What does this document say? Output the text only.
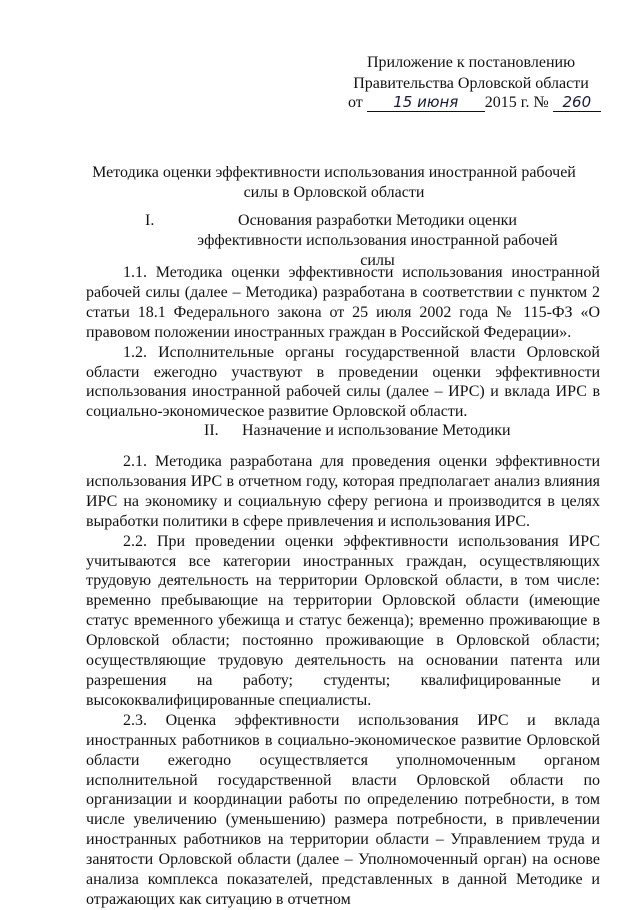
Приложение к постановлению
Правительства Орловской области
от 15 июня 2015 г. № 260
Методика оценки эффективности использования иностранной рабочей силы в Орловской области
I.	Основания разработки Методики оценки эффективности использования иностранной рабочей силы

1.1. Методика оценки эффективности использования иностранной рабочей силы (далее – Методика) разработана в соответствии с пунктом 2 статьи 18.1 Федерального закона от 25 июля 2002 года № 115-ФЗ «О правовом положении иностранных граждан в Российской Федерации».

1.2. Исполнительные органы государственной власти Орловской области ежегодно участвуют в проведении оценки эффективности использования иностранной рабочей силы (далее – ИРС) и вклада ИРС в социально-экономическое развитие Орловской области.

II. Назначение и использование Методики

2.1. Методика разработана для проведения оценки эффективности использования ИРС в отчетном году, которая предполагает анализ влияния ИРС на экономику и социальную сферу региона и производится в целях выработки политики в сфере привлечения и использования ИРС.

2.2. При проведении оценки эффективности использования ИРС учитываются все категории иностранных граждан, осуществляющих трудовую деятельность на территории Орловской области, в том числе: временно пребывающие на территории Орловской области (имеющие статус временного убежища и статус беженца); временно проживающие в Орловской области; постоянно проживающие в Орловской области; осуществляющие трудовую деятельность на основании патента или разрешения на работу; студенты; квалифицированные и высококвалифицированные специалисты.

2.3. Оценка эффективности использования ИРС и вклада иностранных работников в социально-экономическое развитие Орловской области ежегодно осуществляется уполномоченным органом исполнительной государственной власти Орловской области по организации и координации работы по определению потребности, в том числе увеличению (уменьшению) размера потребности, в привлечении иностранных работников на территории области – Управлением труда и занятости Орловской области (далее – Уполномоченный орган) на основе анализа комплекса показателей, представленных в данной Методике и отражающих как ситуацию в отчетном
